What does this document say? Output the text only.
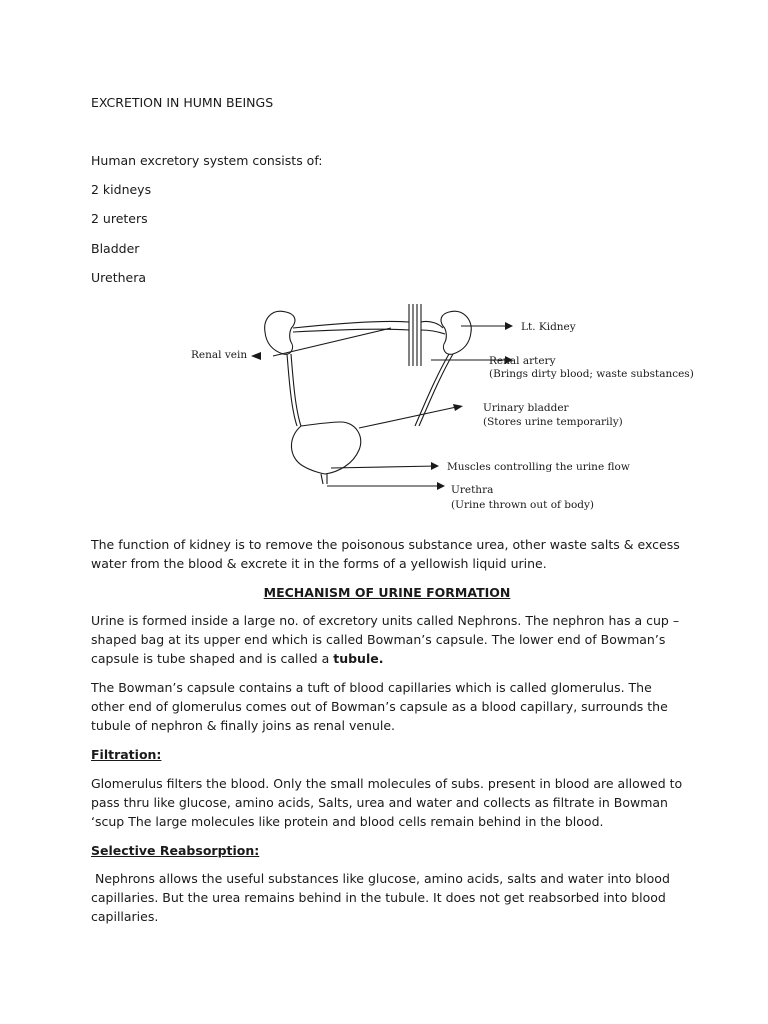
EXCRETION IN HUMN BEINGS

Human excretory system consists of:

2 kidneys

2 ureters

Bladder

Urethera

Renal vein
Lt. Kidney
Renal artery
(Brings dirty blood; waste substances)
Urinary bladder
(Stores urine temporarily)
Muscles controlling the urine flow
Urethra
(Urine thrown out of body)

The function of kidney is to remove the poisonous substance urea, other waste salts & excess water from the blood & excrete it in the forms of a yellowish liquid urine.

MECHANISM OF URINE FORMATION

Urine is formed inside a large no. of excretory units called Nephrons. The nephron has a cup –shaped bag at its upper end which is called Bowman’s capsule. The lower end of Bowman’s capsule is tube shaped and is called a tubule.

The Bowman’s capsule contains a tuft of blood capillaries which is called glomerulus. The other end of glomerulus comes out of Bowman’s capsule as a blood capillary, surrounds the tubule of nephron & finally joins as renal venule.

Filtration:

Glomerulus filters the blood. Only the small molecules of subs. present in blood are allowed to pass thru like glucose, amino acids, Salts, urea and water and collects as filtrate in Bowman ‘scup The large molecules like protein and blood cells remain behind in the blood.

Selective Reabsorption:

Nephrons allows the useful substances like glucose, amino acids, salts and water into blood capillaries. But the urea remains behind in the tubule. It does not get reabsorbed into blood capillaries.
